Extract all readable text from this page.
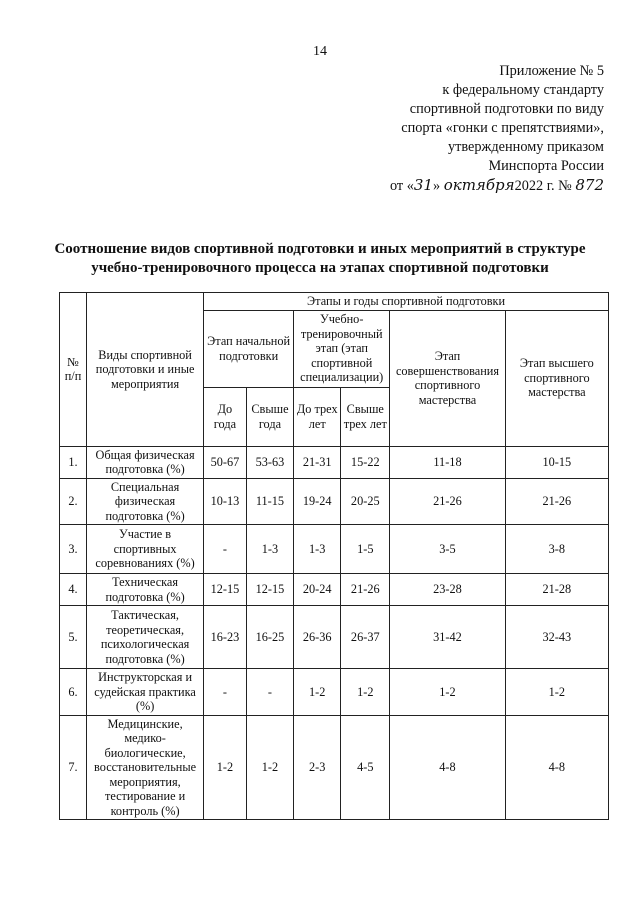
14
Приложение № 5
к федеральному стандарту
спортивной подготовки по виду
спорта «гонки с препятствиями»,
утвержденному приказом
Минспорта России
от «31» октября2022 г. № 872
Соотношение видов спортивной подготовки и иных мероприятий в структуре
учебно-тренировочного процесса на этапах спортивной подготовки
№ п/п	Виды спортивной подготовки и иные мероприятия	Этапы и годы спортивной подготовки					
		Этап начальной подготовки		Учебно-тренировочный этап (этап спортивной специализации)		Этап совершенствования спортивного мастерства	Этап высшего спортивного мастерства
		До года	Свыше года	До трех лет	Свыше трех лет		
1.	Общая физическая подготовка (%)	50-67	53-63	21-31	15-22	11-18	10-15
2.	Специальная физическая подготовка (%)	10-13	11-15	19-24	20-25	21-26	21-26
3.	Участие в спортивных соревнованиях (%)	-	1-3	1-3	1-5	3-5	3-8
4.	Техническая подготовка (%)	12-15	12-15	20-24	21-26	23-28	21-28
5.	Тактическая, теоретическая, психологическая подготовка (%)	16-23	16-25	26-36	26-37	31-42	32-43
6.	Инструкторская и судейская практика (%)	-	-	1-2	1-2	1-2	1-2
7.	Медицинские, медико-биологические, восстановительные мероприятия, тестирование и контроль (%)	1-2	1-2	2-3	4-5	4-8	4-8
